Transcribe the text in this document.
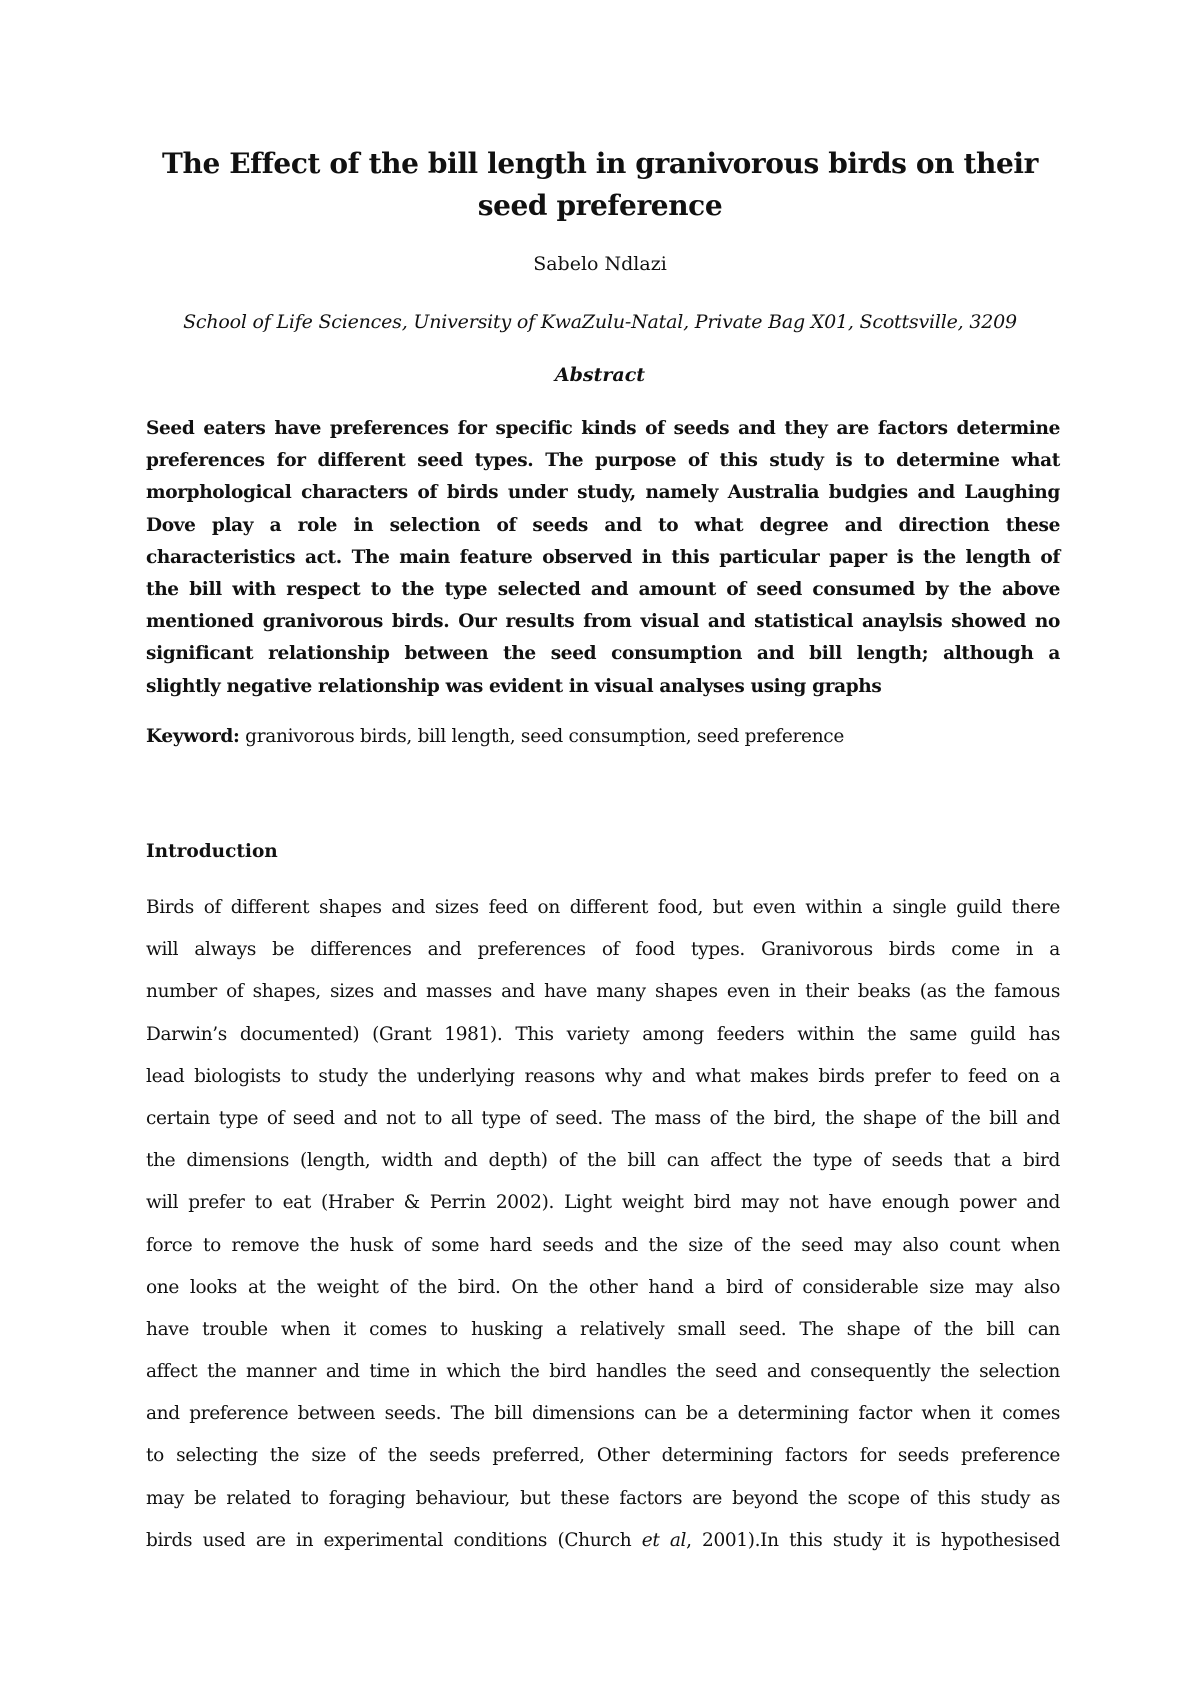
The Effect of the bill length in granivorous birds on their seed preference
Sabelo Ndlazi
School of Life Sciences, University of KwaZulu-Natal, Private Bag X01, Scottsville, 3209
Abstract
Seed eaters have preferences for specific kinds of seeds and they are factors determine
preferences for different seed types. The purpose of this study is to determine what
morphological characters of birds under study, namely Australia budgies and Laughing
Dove play a role in selection of seeds and to what degree and direction these
characteristics act. The main feature observed in this particular paper is the length of
the bill with respect to the type selected and amount of seed consumed by the above
mentioned granivorous birds. Our results from visual and statistical anaylsis showed no
significant relationship between the seed consumption and bill length; although a
slightly negative relationship was evident in visual analyses using graphs

Keyword: granivorous birds, bill length, seed consumption, seed preference

Introduction
Birds of different shapes and sizes feed on different food, but even within a single guild there
will always be differences and preferences of food types. Granivorous birds come in a
number of shapes, sizes and masses and have many shapes even in their beaks (as the famous
Darwin’s documented) (Grant 1981). This variety among feeders within the same guild has
lead biologists to study the underlying reasons why and what makes birds prefer to feed on a
certain type of seed and not to all type of seed. The mass of the bird, the shape of the bill and
the dimensions (length, width and depth) of the bill can affect the type of seeds that a bird
will prefer to eat (Hraber & Perrin 2002). Light weight bird may not have enough power and
force to remove the husk of some hard seeds and the size of the seed may also count when
one looks at the weight of the bird. On the other hand a bird of considerable size may also
have trouble when it comes to husking a relatively small seed. The shape of the bill can
affect the manner and time in which the bird handles the seed and consequently the selection
and preference between seeds. The bill dimensions can be a determining factor when it comes
to selecting the size of the seeds preferred, Other determining factors for seeds preference
may be related to foraging behaviour, but these factors are beyond the scope of this study as
birds used are in experimental conditions (Church et al, 2001).In this study it is hypothesised
